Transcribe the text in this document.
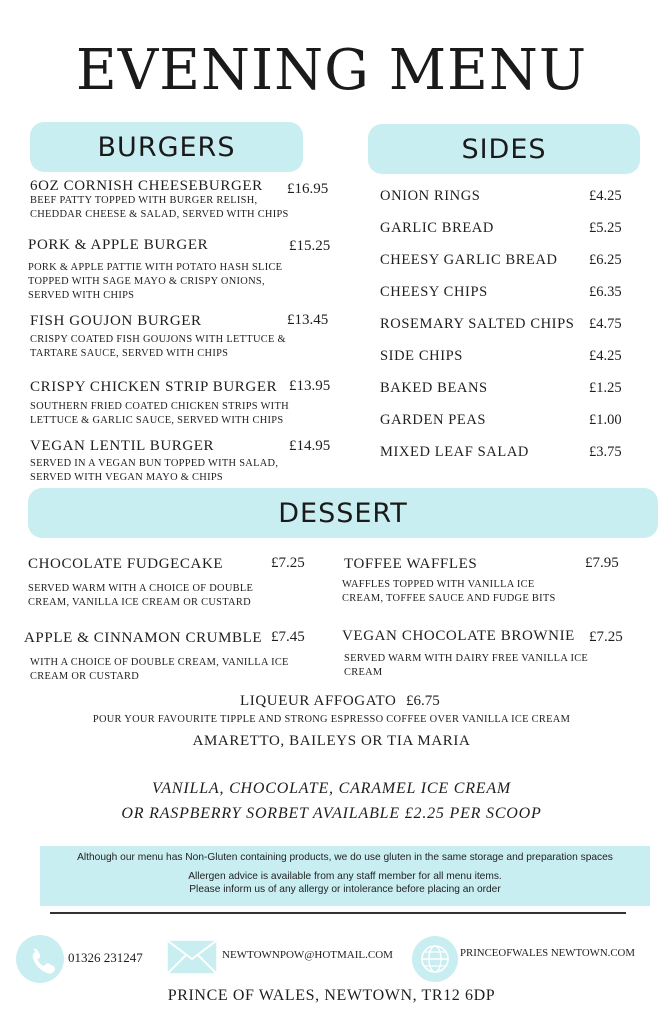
EVENING MENU
BURGERS
6OZ CORNISH CHEESEBURGER £16.95
BEEF PATTY TOPPED WITH BURGER RELISH, CHEDDAR CHEESE & SALAD, SERVED WITH CHIPS
PORK & APPLE BURGER	£15.25
PORK & APPLE PATTIE WITH POTATO HASH SLICE TOPPED WITH SAGE MAYO & CRISPY ONIONS, SERVED WITH CHIPS
FISH GOUJON BURGER	£13.45
CRISPY COATED FISH GOUJONS WITH LETTUCE & TARTARE SAUCE, SERVED WITH CHIPS
CRISPY CHICKEN STRIP BURGER £13.95
SOUTHERN FRIED COATED CHICKEN STRIPS WITH LETTUCE & GARLIC SAUCE, SERVED WITH CHIPS
VEGAN LENTIL BURGER	£14.95
SERVED IN A VEGAN BUN TOPPED WITH SALAD, SERVED WITH VEGAN MAYO & CHIPS
SIDES
ONION RINGS	£4.25
GARLIC BREAD	£5.25
CHEESY GARLIC BREAD £6.25
CHEESY CHIPS	£6.35
ROSEMARY SALTED CHIPS £4.75
SIDE CHIPS	£4.25
BAKED BEANS	£1.25
GARDEN PEAS	£1.00
MIXED LEAF SALAD	£3.75
DESSERT
CHOCOLATE FUDGECAKE	£7.25
SERVED WARM WITH A CHOICE OF DOUBLE CREAM, VANILLA ICE CREAM OR CUSTARD
TOFFEE WAFFLES	£7.95
WAFFLES TOPPED WITH VANILLA ICE CREAM, TOFFEE SAUCE AND FUDGE BITS
APPLE & CINNAMON CRUMBLE £7.45
WITH A CHOICE OF DOUBLE CREAM, VANILLA ICE CREAM OR CUSTARD
VEGAN CHOCOLATE BROWNIE £7.25
SERVED WARM WITH DAIRY FREE VANILLA ICE CREAM
LIQUEUR AFFOGATO £6.75
POUR YOUR FAVOURITE TIPPLE AND STRONG ESPRESSO COFFEE OVER VANILLA ICE CREAM
AMARETTO, BAILEYS OR TIA MARIA
VANILLA, CHOCOLATE, CARAMEL ICE CREAM
OR RASPBERRY SORBET AVAILABLE £2.25 PER SCOOP
Although our menu has Non-Gluten containing products, we do use gluten in the same storage and preparation spaces
Allergen advice is available from any staff member for all menu items.
Please inform us of any allergy or intolerance before placing an order
01326 231247	NEWTOWNPOW@HOTMAIL.COM	PRINCEOFWALES NEWTOWN.COM
PRINCE OF WALES, NEWTOWN, TR12 6DP
